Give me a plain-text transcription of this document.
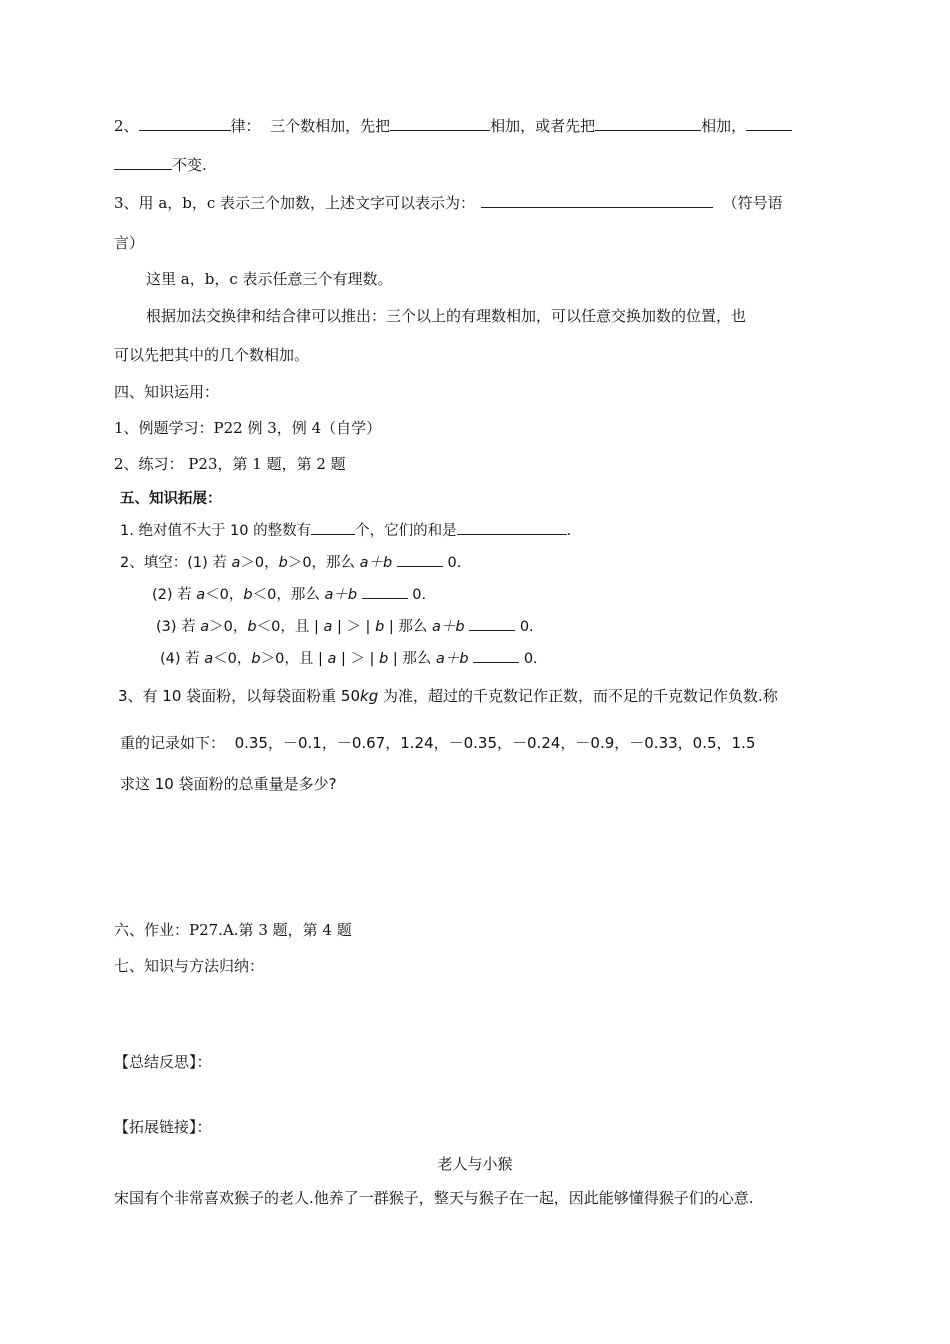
2、	律： 三个数相加，先把	相加，或者先把	相加，
不变.
3、用 a，b，c 表示三个加数，上述文字可以表示为：	（符号语
言）
这里 a，b，c 表示任意三个有理数。
根据加法交换律和结合律可以推出：三个以上的有理数相加，可以任意交换加数的位置，也
可以先把其中的几个数相加。
四、知识运用：
1、例题学习：P22 例 3，例 4（自学）
2、练习： P23，第 1 题，第 2 题
五、知识拓展：
1. 绝对值不大于 10 的整数有	个，它们的和是	.
2、填空：(1) 若 a＞0，b＞0，那么 a＋b	0.
(2) 若 a＜0，b＜0，那么 a＋b	0.
(3) 若 a＞0，b＜0，且 | a | ＞ | b | 那么 a＋b	0.
(4) 若 a＜0，b＞0，且 | a | ＞ | b | 那么 a＋b	0.
3、有 10 袋面粉，以每袋面粉重 50kg 为准，超过的千克数记作正数，而不足的千克数记作负数.称
重的记录如下： 0.35，－0.1，－0.67，1.24，－0.35，－0.24，－0.9，－0.33，0.5，1.5
求这 10 袋面粉的总重量是多少?
六、作业：P27.A.第 3 题，第 4 题
七、知识与方法归纳：
【总结反思】：
【拓展链接】：
老人与小猴
宋国有个非常喜欢猴子的老人.他养了一群猴子，整天与猴子在一起，因此能够懂得猴子们的心意.
